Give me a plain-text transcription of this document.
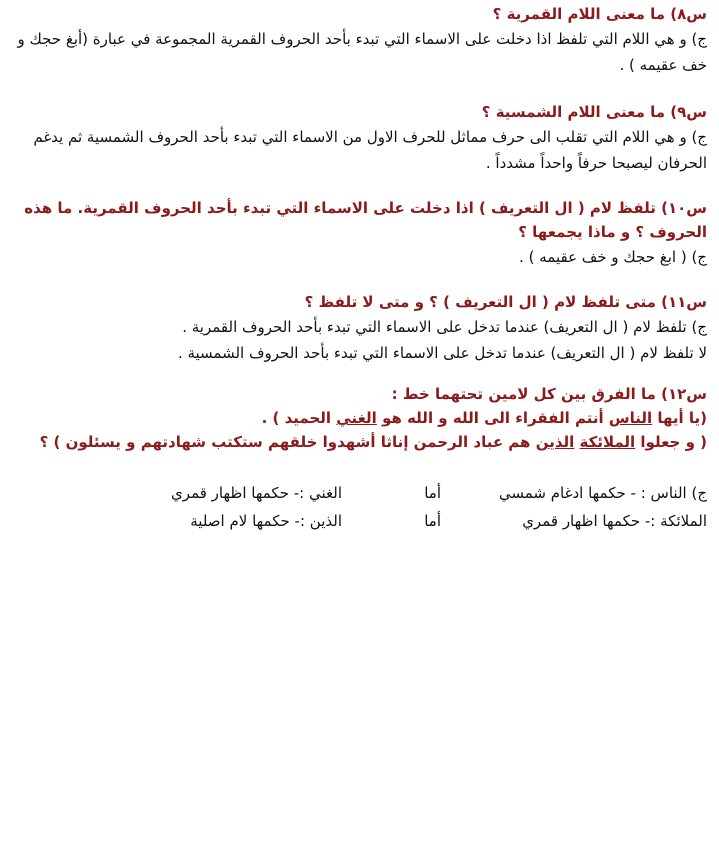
س٨) ما معنى اللام القمرية ؟
ج) و هي اللام التي تلفظ اذا دخلت على الاسماء التي تبدء بأحد الحروف القمرية المجموعة في عبارة (أبغ حجك و خف عقيمه ) .
س٩) ما معنى اللام الشمسية ؟
ج) و هي اللام التي تقلب الى حرف مماثل للحرف الاول من الاسماء التي تبدء بأحد الحروف الشمسية ثم يدغم الحرفان ليصبحا حرفاً واحداً مشدداً .
س١٠) تلفظ لام ( ال التعريف ) اذا دخلت على الاسماء التي تبدء بأحد الحروف القمرية. ما هذه الحروف ؟ و ماذا يجمعها ؟
ج) ( ابغ حجك و خف عقيمه ) .
س١١) متى تلفظ لام ( ال التعريف ) ؟ و متى لا تلفظ ؟
ج) تلفظ لام ( ال التعريف) عندما تدخل على الاسماء التي تبدء بأحد الحروف القمرية .
لا تلفظ لام ( ال التعريف) عندما تدخل على الاسماء التي تبدء بأحد الحروف الشمسية .
س١٢) ما الفرق بين كل لامين تحتهما خط :
(يا أيها الناس أنتم الفقراء الى الله و الله هو الغني الحميد ) .
( و جعلوا الملائكة الذين هم عباد الرحمن إناثا أشهدوا خلقهم ستكتب شهادتهم و يسئلون ) ؟
ج) الناس : - حكمها ادغام شمسي
أما
الغني :- حكمها اظهار قمري
الملائكة :- حكمها اظهار قمري
أما
الذين :- حكمها لام اصلية
